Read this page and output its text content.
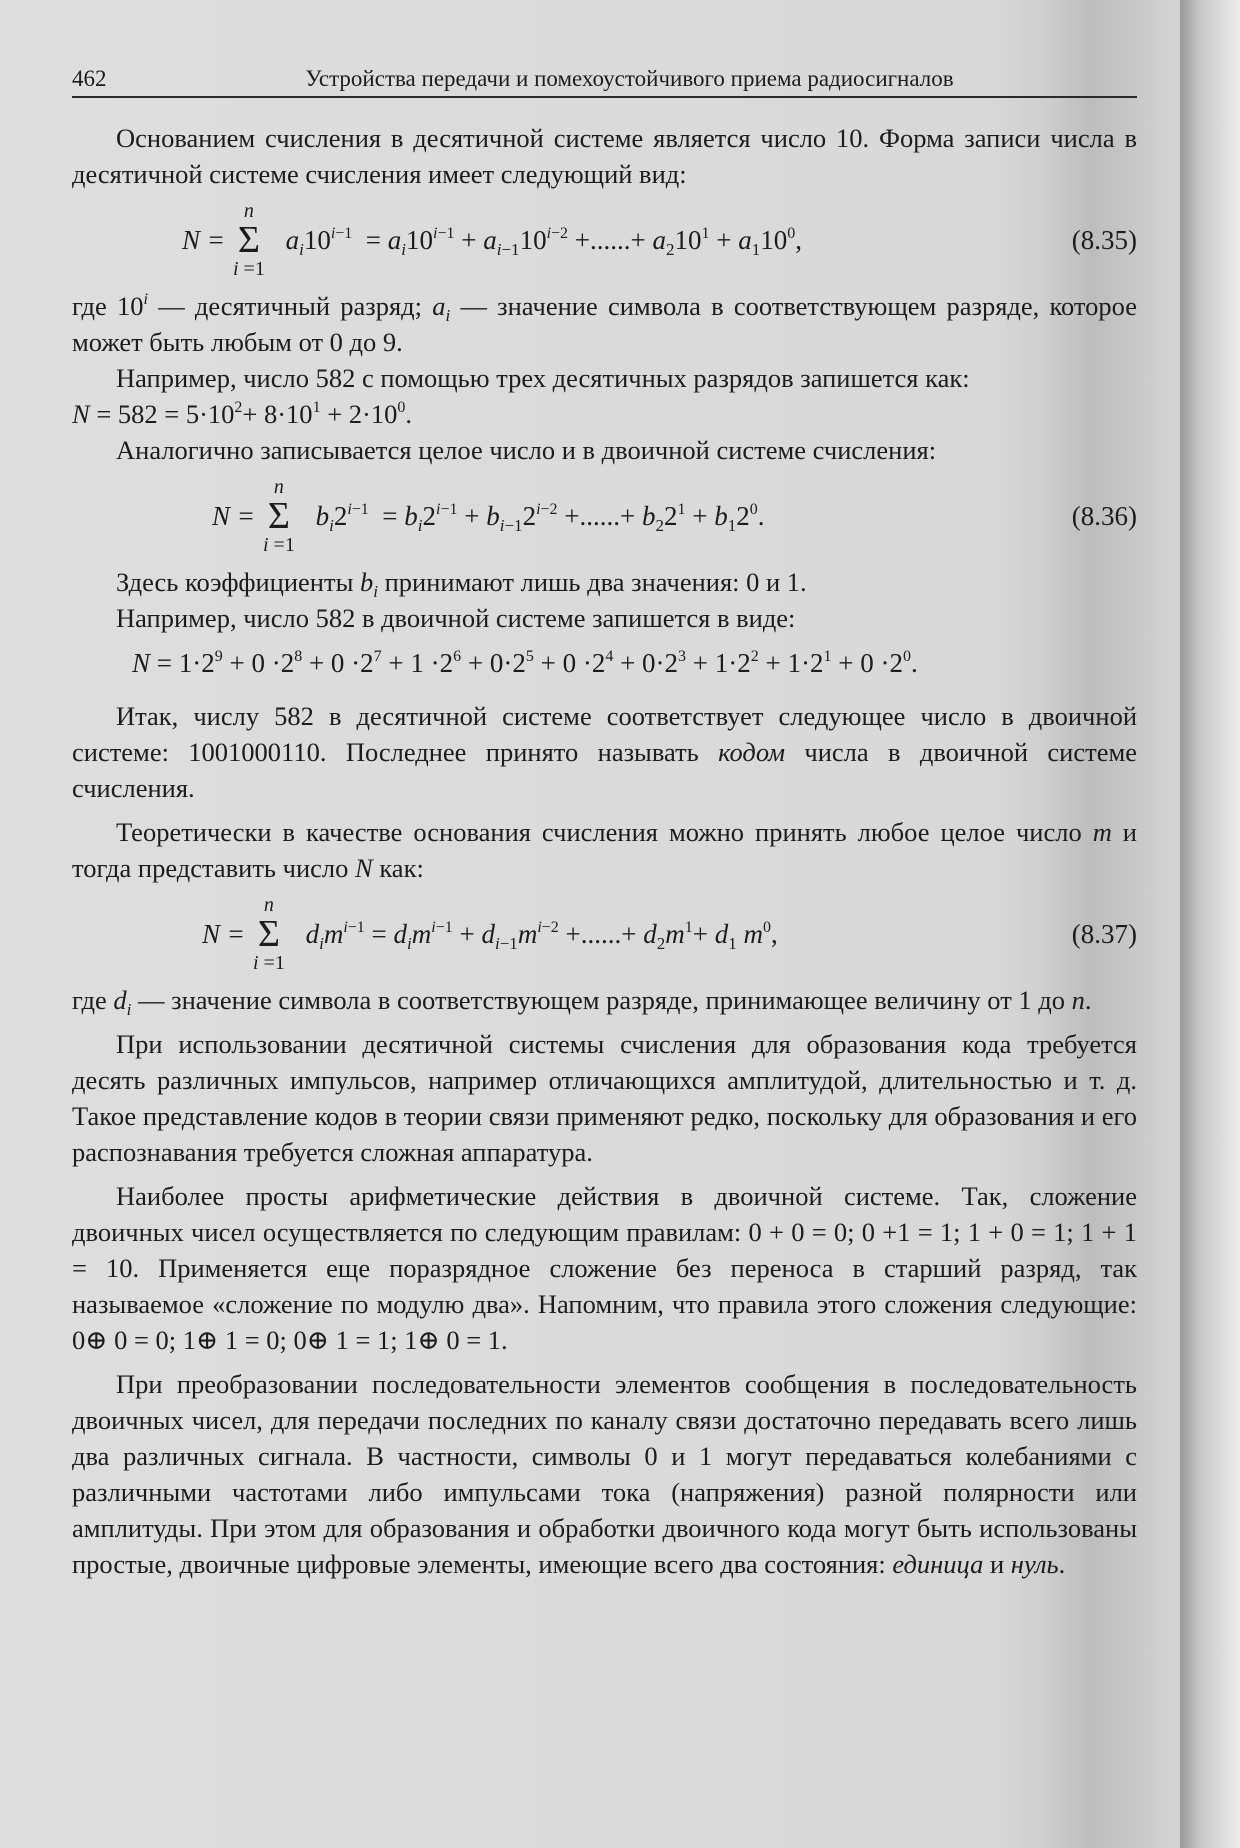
462	Устройства передачи и помехоустойчивого приема радиосигналов

Основанием счисления в десятичной системе является число 10. Форма записи числа в десятичной системе счисления имеет следующий вид:

N =
n
Σ
i =1
$a_i10^{i-1} = a_i10^{i-1} + a_{i-1}10^{i-2}$ +......+ $a_210^1 + a_110^0$,	(8.35)

где 10$^i$ — десятичный разряд; $a_i$ — значение символа в соответствующем разряде, которое может быть любым от 0 до 9.

Например, число 582 с помощью трех десятичных разрядов запишется как:

$N = 582 = 5\cdot 10^2+ 8\cdot 10^1 + 2\cdot 10^0$.

Аналогично записывается целое число и в двоичной системе счисления:

N =
n
Σ
i =1
$b_i2^{i-1} = b_i2^{i-1} + b_{i-1}2^{i-2}$ +......+ $b_22^1 + b_12^0$.	(8.36)

Здесь коэффициенты $b_i$ принимают лишь два значения: 0 и 1.

Например, число 582 в двоичной системе запишется в виде:

$N = 1\cdot 2^9 + 0 \cdot 2^8 + 0 \cdot 2^7 + 1 \cdot 2^6 + 0\cdot 2^5 + 0 \cdot 2^4 + 0\cdot 2^3 + 1\cdot 2^2 + 1\cdot 2^1 + 0 \cdot 2^0$.

Итак, числу 582 в десятичной системе соответствует следующее число в двоичной системе: 1001000110. Последнее принято называть кодом числа в двоичной системе счисления.

Теоретически в качестве основания счисления можно принять любое целое число m и тогда представить число N как:

N =
n
Σ
i =1
$d_im^{i-1} = d_im^{i-1} + d_{i-1}m^{i-2}$ +......+ $d_2m^1+ d_1$ $m^0$,	(8.37)

где $d_i$ — значение символа в соответствующем разряде, принимающее величину от 1 до n.

При использовании десятичной системы счисления для образования кода требуется десять различных импульсов, например отличающихся амплитудой, длительностью и т. д. Такое представление кодов в теории связи применяют редко, поскольку для образования и его распознавания требуется сложная аппаратура.

Наиболее просты арифметические действия в двоичной системе. Так, сложение двоичных чисел осуществляется по следующим правилам: 0 + 0 = 0; 0 +1 = 1; 1 + 0 = 1; 1 + 1 = 10. Применяется еще поразрядное сложение без переноса в старший разряд, так называемое «сложение по модулю два». Напомним, что правила этого сложения следующие: 0⊕ 0 = 0; 1⊕ 1 = 0; 0⊕ 1 = 1; 1⊕ 0 = 1.

При преобразовании последовательности элементов сообщения в последовательность двоичных чисел, для передачи последних по каналу связи достаточно передавать всего лишь два различных сигнала. В частности, символы 0 и 1 могут передаваться колебаниями с различными частотами либо импульсами тока (напряжения) разной полярности или амплитуды. При этом для образования и обработки двоичного кода могут быть использованы простые, двоичные цифровые элементы, имеющие всего два состояния: единица и нуль.
